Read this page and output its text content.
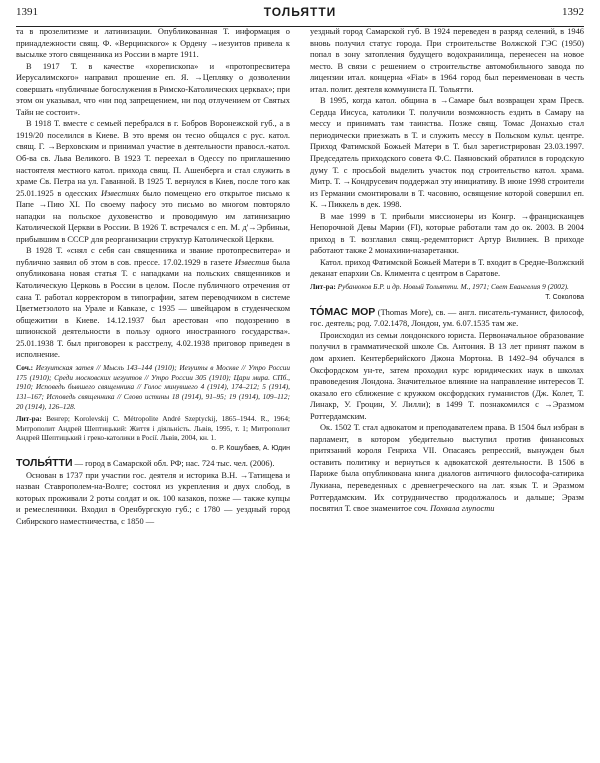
1391	ТОЛЬЯТТИ	1392

та в прозелитизме и латинизации. Опубликованная Т. информация о принадлежности свящ. Ф. «Верцинского» к Ордену →иезуитов привела к высылке этого священника из России в марте 1911.

В 1917 Т. в качестве «хорепископа» и «протопресвитера Иерусалимского» направил прошение еп. Я. →Цепляку о дозволении совершать «публичные богослужения в Римско-Католических церквах»; при этом он указывал, что «ни под запрещением, ни под отлучением от Святых Тайн не состоит».

В 1918 Т. вместе с семьей перебрался в г. Бобров Воронежской губ., а в 1919/20 поселился в Киеве. В это время он тесно общался с рус. катол. свящ. Г. →Верховским и принимал участие в деятельности правосл.-катол. Об-ва св. Льва Великого. В 1923 Т. переехал в Одессу по приглашению настоятеля местного катол. прихода свящ. П. Ашенберга и стал служить в храме Св. Петра на ул. Гаванной. В 1925 Т. вернулся в Киев, после того как 25.01.1925 в одесских Известиях было помещено его открытое письмо к Папе →Пию XI. По своему пафосу это письмо во многом повторяло нападки на польское духовенство и проводимую им латинизацию Католической Церкви в России. В 1926 Т. встречался с еп. М. д'→Эрбиньи, прибывшим в СССР для реорганизации структур Католической Церкви.

В 1928 Т. «снял с себя сан священника и звание протопресвитера» и публично заявил об этом в сов. прессе. 17.02.1929 в газете Известия была опубликована новая статья Т. с нападками на польских священников и Католическую Церковь в России в целом. После публичного отречения от сана Т. работал корректором в типографии, затем переводчиком в системе Цветметзолото на Урале и Кавказе, с 1935 — швейцаром в студенческом общежитии в Киеве. 14.12.1937 был арестован «по подозрению в шпионской деятельности в пользу одного иностранного государства». 25.01.1938 Т. был приговорен к расстрелу, 4.02.1938 приговор приведен в исполнение.

Соч.: Иезуитская затея // Мысль 143–144 (1910); Иезуиты в Москве // Утро России 175 (1910); Среди московских иезуитов // Утро России 305 (1910); Цари мира. СПб., 1910; Исповедь бывшего священника // Голос минувшего 4 (1914), 174–212; 5 (1914), 131–167; Исповедь священника // Слово истины 18 (1914), 91–95; 19 (1914), 109–112; 20 (1914), 126–128.

Лит-ра: Венгер; Korolevskij C. Métropolite André Szeptyckij, 1865–1944. R., 1964; Митрополит Андрей Шептицький: Життя і діяльність. Львів, 1995, т. 1; Митрополит Андрей Шептицький і греко-католики в Росії. Львів, 2004, кн. 1.

о. Р. Кошубаев, А. Юдин

ТОЛЬЯ́ТТИ — город в Самарской обл. РФ; нас. 724 тыс. чел. (2006).

Основан в 1737 при участии гос. деятеля и историка В.Н. →Татищева и назван Ставрополем-на-Волге; состоял из укрепления и двух слобод, в которых проживали 2 роты солдат и ок. 100 казаков, позже — также купцы и ремесленники. Входил в Оренбургскую губ.; с 1780 — уездный город Сибирского наместничества, с 1850 —

уездный город Самарской губ. В 1924 переведен в разряд селений, в 1946 вновь получил статус города. При строительстве Волжской ГЭС (1950) попал в зону затопления будущего водохранилища, перенесен на новое место. В связи с решением о строительстве автомобильного завода по лицензии итал. концерна «Fiat» в 1964 город был переименован в честь итал. полит. деятеля коммуниста П. Тольятти.

В 1995, когда катол. община в →Самаре был возвращен храм Пресв. Сердца Иисуса, католики Т. получили возможность ездить в Самару на мессу и принимать там таинства. Позже свящ. Томас Донахью стал периодически приезжать в Т. и служить мессу в Польском культ. центре. Приход Фатимской Божьей Матери в Т. был зарегистрирован 23.03.1997. Председатель приходского совета Ф.С. Паяновский обратился в городскую думу Т. с просьбой выделить участок под строительство катол. храма. Митр. Т. →Кондрусевич поддержал эту инициативу. В июне 1998 строители из Германии смонтировали в Т. часовню, освящение которой совершил еп. К. →Пиккель в дек. 1998.

В мае 1999 в Т. прибыли миссионеры из Конгр. →францисканцев Непорочной Девы Марии (FI), которые работали там до ок. 2003. В 2004 приход в Т. возглавил свящ.-редемпторист Артур Вилинек. В приходе работают также 2 монахини-назаретанки.

Катол. приход Фатимской Божьей Матери в Т. входит в Средне-Волжский деканат епархии Св. Климента с центром в Саратове.

Лит-ра: Рубанюков Б.Р. и др. Новый Тольятти. М., 1971; Свет Евангелия 9 (2002).

Т. Соколова

ТО́МАС МОР (Thomas More), св. — англ. писатель-гуманист, философ, гос. деятель; род. 7.02.1478, Лондон, ум. 6.07.1535 там же.

Происходил из семьи лондонского юриста. Первоначальное образование получил в грамматической школе Св. Антония. В 13 лет принят пажом в дом архиеп. Кентерберийского Джона Мортона. В 1492–94 обучался в Оксфордском ун-те, затем проходил курс юридических наук в школах правоведения Лондона. Значительное влияние на направление интересов Т. оказало его сближение с кружком оксфордских гуманистов (Дж. Колет, Т. Линакр, У. Гроцин, У. Лилли); в 1499 Т. познакомился с →Эразмом Роттердамским.

Ок. 1502 Т. стал адвокатом и преподавателем права. В 1504 был избран в парламент, в котором убедительно выступил против финансовых притязаний короля Генриха VII. Опасаясь репрессий, вынужден был оставить политику и вернуться к адвокатской деятельности. В 1506 в Париже была опубликована книга диалогов античного философа-сатирика Лукиана, переведенных с древнегреческого на лат. язык Т. и Эразмом Роттердамским. Их сотрудничество продолжалось и дальше; Эразм посвятил Т. свое знаменитое соч. Похвала глупости
